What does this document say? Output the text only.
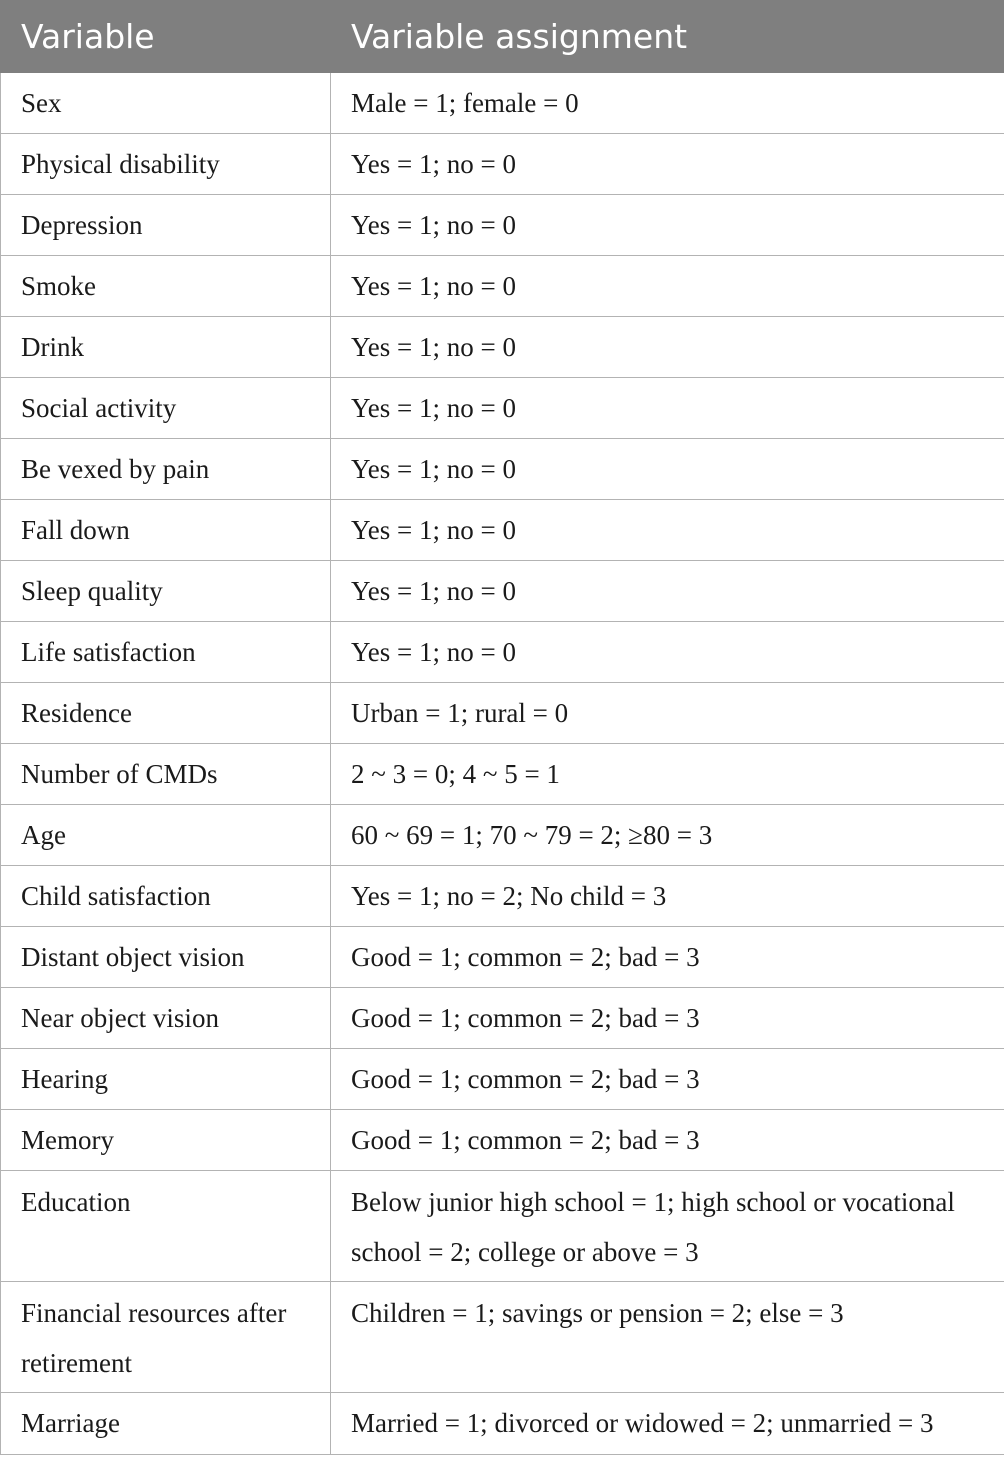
Variable	Variable assignment
Sex	Male = 1; female = 0
Physical disability	Yes = 1; no = 0
Depression	Yes = 1; no = 0
Smoke	Yes = 1; no = 0
Drink	Yes = 1; no = 0
Social activity	Yes = 1; no = 0
Be vexed by pain	Yes = 1; no = 0
Fall down	Yes = 1; no = 0
Sleep quality	Yes = 1; no = 0
Life satisfaction	Yes = 1; no = 0
Residence	Urban = 1; rural = 0
Number of CMDs	2 ~ 3 = 0; 4 ~ 5 = 1
Age	60 ~ 69 = 1; 70 ~ 79 = 2; ≥80 = 3
Child satisfaction	Yes = 1; no = 2; No child = 3
Distant object vision	Good = 1; common = 2; bad = 3
Near object vision	Good = 1; common = 2; bad = 3
Hearing	Good = 1; common = 2; bad = 3
Memory	Good = 1; common = 2; bad = 3
Education	Below junior high school = 1; high school or vocational school = 2; college or above = 3
Financial resources after retirement	Children = 1; savings or pension = 2; else = 3
Marriage	Married = 1; divorced or widowed = 2; unmarried = 3
